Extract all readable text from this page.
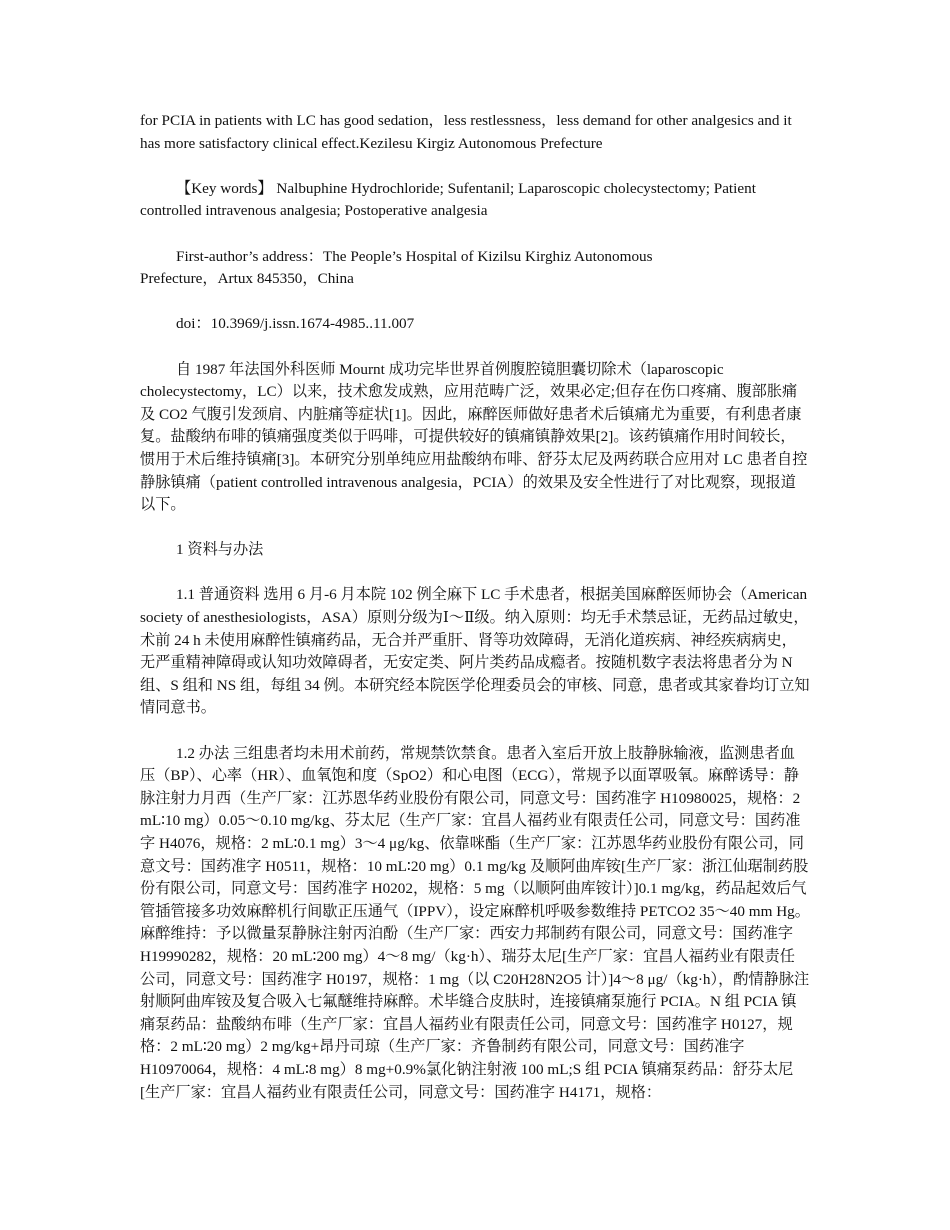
for PCIA in patients with LC has good sedation，less restlessness，less demand for other analgesics and it has more satisfactory clinical effect.Kezilesu Kirgiz Autonomous Prefecture

【Key words】 Nalbuphine Hydrochloride; Sufentanil; Laparoscopic cholecystectomy; Patient controlled intravenous analgesia; Postoperative analgesia

First-author’s address：The People’s Hospital of Kizilsu Kirghiz Autonomous
Prefecture，Artux 845350，China

doi：10.3969/j.issn.1674-4985..11.007

自 1987 年法国外科医师 Mournt 成功完毕世界首例腹腔镜胆囊切除术（laparoscopic cholecystectomy，LC）以来，技术愈发成熟，应用范畴广泛，效果必定;但存在伤口疼痛、腹部胀痛及 CO2 气腹引发颈肩、内脏痛等症状[1]。因此，麻醉医师做好患者术后镇痛尤为重要，有利患者康复。盐酸纳布啡的镇痛强度类似于吗啡，可提供较好的镇痛镇静效果[2]。该药镇痛作用时间较长，惯用于术后维持镇痛[3]。本研究分别单纯应用盐酸纳布啡、舒芬太尼及两药联合应用对 LC 患者自控静脉镇痛（patient controlled intravenous analgesia，PCIA）的效果及安全性进行了对比观察，现报道以下。

1 资料与办法

1.1 普通资料 选用 6 月-6 月本院 102 例全麻下 LC 手术患者，根据美国麻醉医师协会（American society of anesthesiologists，ASA）原则分级为Ⅰ～Ⅱ级。纳入原则：均无手术禁忌证，无药品过敏史，术前 24 h 未使用麻醉性镇痛药品，无合并严重肝、肾等功效障碍，无消化道疾病、神经疾病病史，无严重精神障碍或认知功效障碍者，无安定类、阿片类药品成瘾者。按随机数字表法将患者分为 N 组、S 组和 NS 组，每组 34 例。本研究经本院医学伦理委员会的审核、同意，患者或其家眷均订立知情同意书。

1.2 办法 三组患者均未用术前药，常规禁饮禁食。患者入室后开放上肢静脉输液，监测患者血压（BP）、心率（HR）、血氧饱和度（SpO2）和心电图（ECG），常规予以面罩吸氧。麻醉诱导：静脉注射力月西（生产厂家：江苏恩华药业股份有限公司，同意文号：国药准字 H10980025，规格：2 mL∶10 mg）0.05～0.10 mg/kg、芬太尼（生产厂家：宜昌人福药业有限责任公司，同意文号：国药准字 H4076，规格：2 mL∶0.1 mg）3～4 μg/kg、依靠咪酯（生产厂家：江苏恩华药业股份有限公司，同意文号：国药准字 H0511，规格：10 mL∶20 mg）0.1 mg/kg 及顺阿曲库铵[生产厂家：浙江仙琚制药股份有限公司，同意文号：国药准字 H0202，规格：5 mg（以顺阿曲库铵计）]0.1 mg/kg，药品起效后气管插管接多功效麻醉机行间歇正压通气（IPPV），设定麻醉机呼吸参数维持 PETCO2 35～40 mm Hg。麻醉维持：予以微量泵静脉注射丙泊酚（生产厂家：西安力邦制药有限公司，同意文号：国药准字 H19990282，规格：20 mL∶200 mg）4～8 mg/（kg·h）、瑞芬太尼[生产厂家：宜昌人福药业有限责任公司，同意文号：国药准字 H0197，规格：1 mg（以 C20H28N2O5 计）]4～8 μg/（kg·h），酌情静脉注射顺阿曲库铵及复合吸入七氟醚维持麻醉。术毕缝合皮肤时，连接镇痛泵施行 PCIA。N 组 PCIA 镇痛泵药品：盐酸纳布啡（生产厂家：宜昌人福药业有限责任公司，同意文号：国药准字 H0127，规格：2 mL∶20 mg）2 mg/kg+昂丹司琼（生产厂家：齐鲁制药有限公司，同意文号：国药准字 H10970064，规格：4 mL∶8 mg）8 mg+0.9%氯化钠注射液 100 mL;S 组 PCIA 镇痛泵药品：舒芬太尼[生产厂家：宜昌人福药业有限责任公司，同意文号：国药准字 H4171，规格：
